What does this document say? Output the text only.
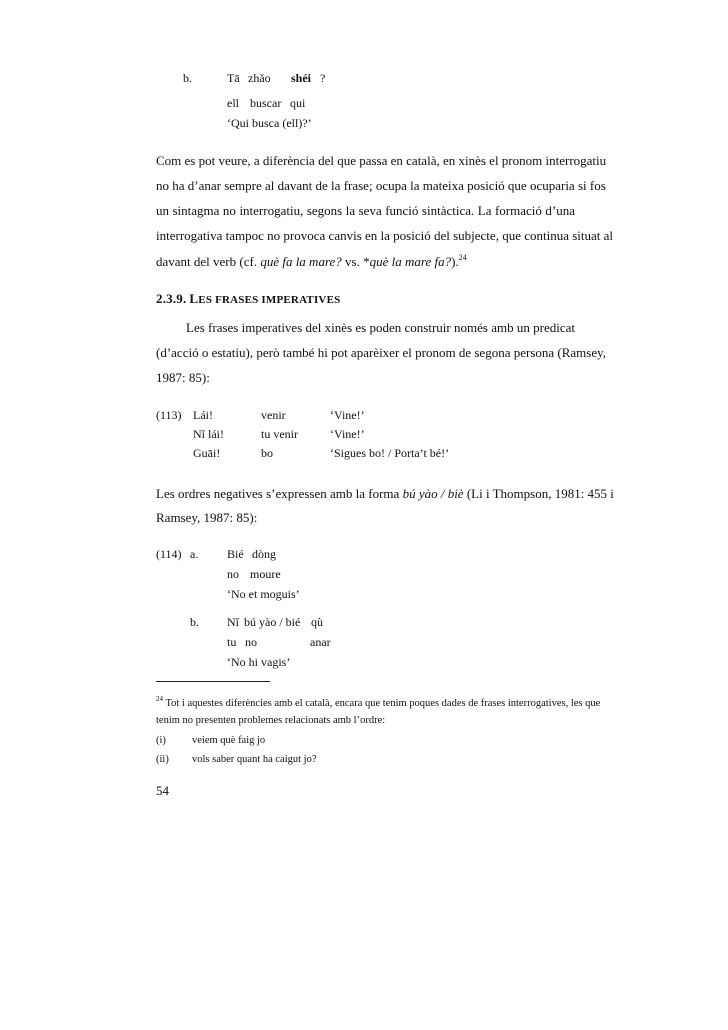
b.	Tā zhǎo shéi ?
ell buscar qui
‘Qui busca (ell)?’
Com es pot veure, a diferència del que passa en català, en xinès el pronom interrogatiu
no ha d’anar sempre al davant de la frase; ocupa la mateixa posició que ocuparia si fos
un sintagma no interrogatiu, segons la seva funció sintàctica. La formació d’una
interrogativa tampoc no provoca canvis en la posició del subjecte, que continua situat al
davant del verb (cf. què fa la mare? vs. *què la mare fa?).$^{24}$
2.3.9. LES FRASES IMPERATIVES
Les frases imperatives del xinès es poden construir només amb un predicat
(d’acció o estatiu), però també hi pot aparèixer el pronom de segona persona (Ramsey,
1987: 85):
(113) Lái!	venir	‘Vine!’
Nĭ lái!	tu venir	‘Vine!’
Guāi!	bo	‘Sigues bo! / Porta’t bé!’
Les ordres negatives s’expressen amb la forma bú yào / biè (Li i Thompson, 1981: 455 i
Ramsey, 1987: 85):
(114) a. Bié dòng
no moure
‘No et moguis’
b. Nĭ bú yào / bié qù
tu no	anar
‘No hi vagis’
$^{24}$ Tot i aquestes diferències amb el català, encara que tenim poques dades de frases interrogatives, les que
tenim no presenten problemes relacionats amb l’ordre:
(i) veiem què faig jo
(ii) vols saber quant ha caigut jo?
54
